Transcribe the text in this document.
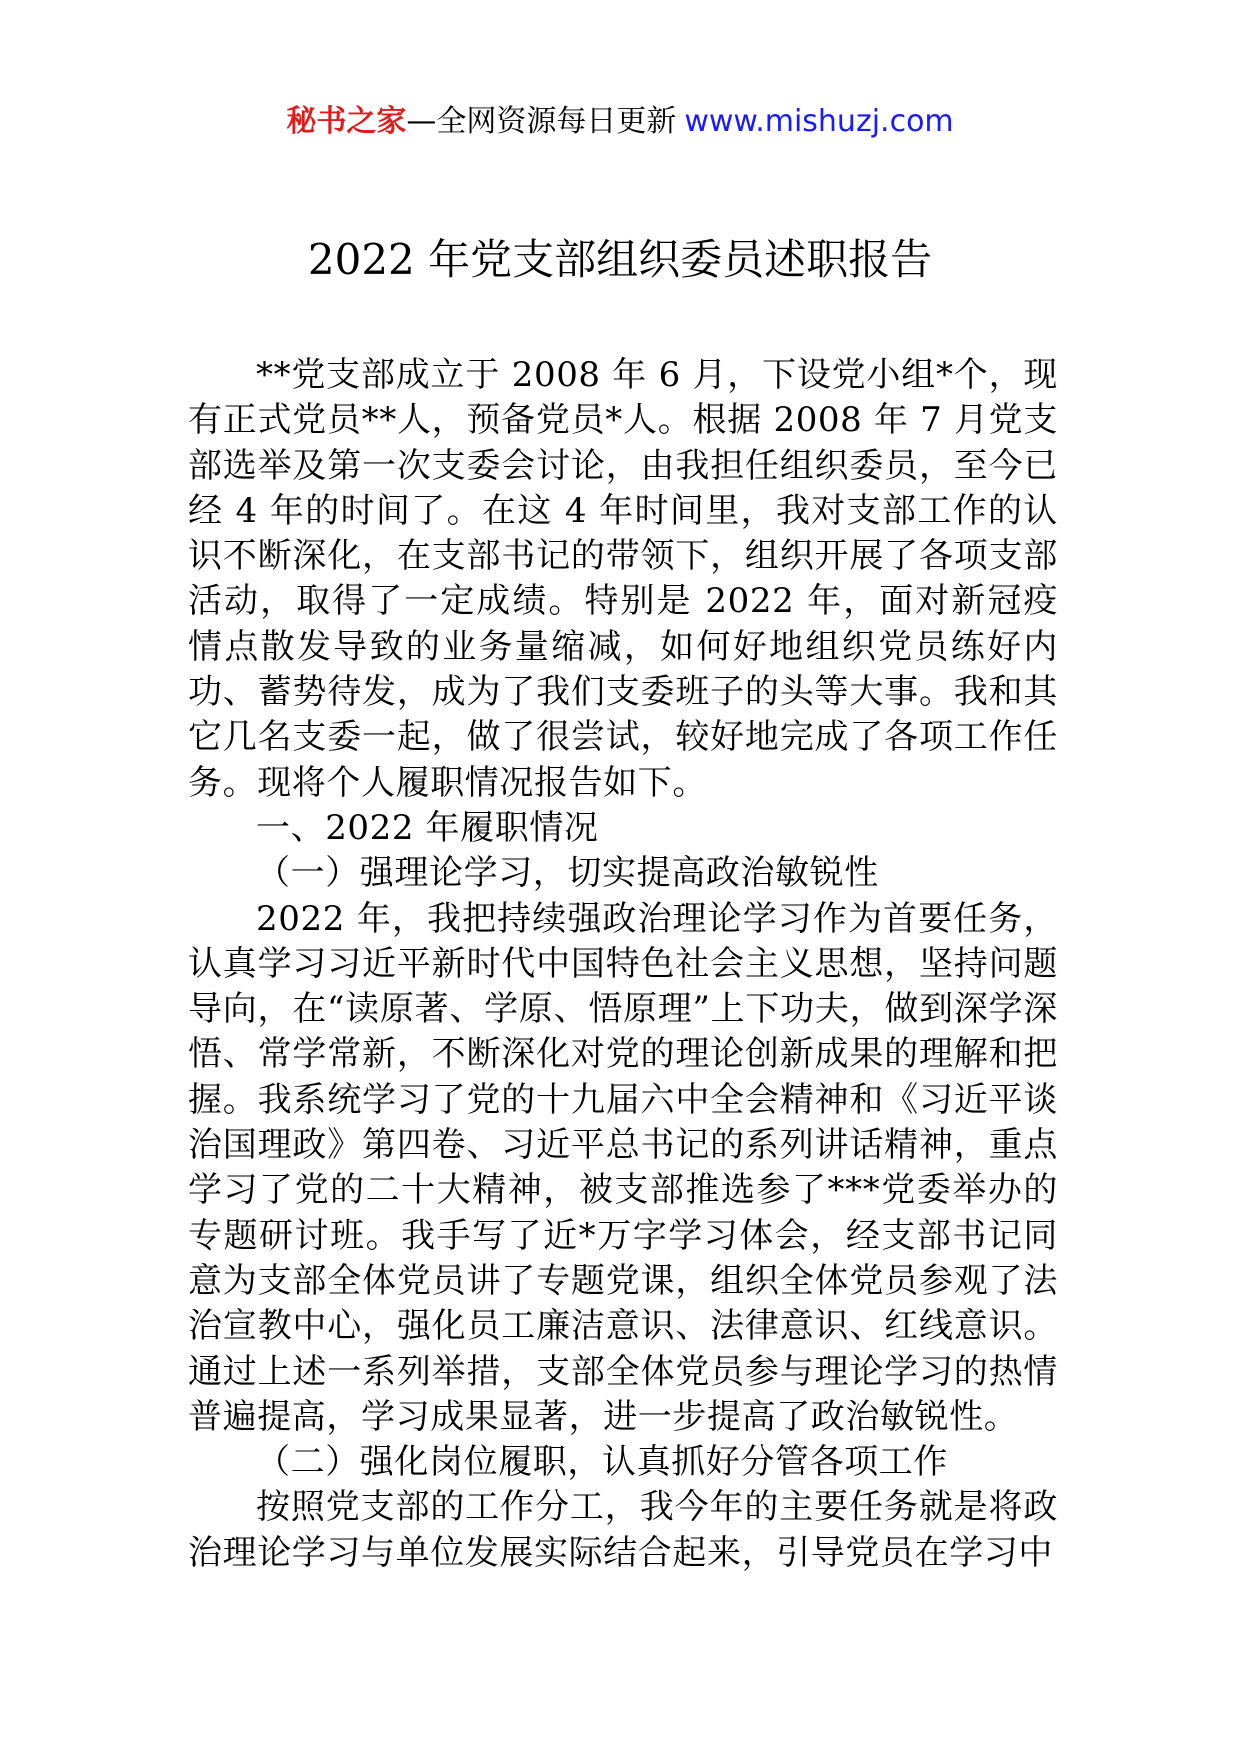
秘书之家—全网资源每日更新 www.mishuzj.com
2022 年党支部组织委员述职报告

**党支部成立于 2008 年 6 月，下设党小组*个，现有正式党员**人，预备党员*人。根据 2008 年 7 月党支部选举及第一次支委会讨论，由我担任组织委员，至今已经 4 年的时间了。在这 4 年时间里，我对支部工作的认识不断深化，在支部书记的带领下，组织开展了各项支部活动，取得了一定成绩。特别是 2022 年，面对新冠疫情点散发导致的业务量缩减，如何好地组织党员练好内功、蓄势待发，成为了我们支委班子的头等大事。我和其它几名支委一起，做了很尝试，较好地完成了各项工作任务。现将个人履职情况报告如下。

一、2022 年履职情况

（一）强理论学习，切实提高政治敏锐性

2022 年，我把持续强政治理论学习作为首要任务，认真学习习近平新时代中国特色社会主义思想，坚持问题导向，在“读原著、学原、悟原理”上下功夫，做到深学深悟、常学常新，不断深化对党的理论创新成果的理解和把握。我系统学习了党的十九届六中全会精神和《习近平谈治国理政》第四卷、习近平总书记的系列讲话精神，重点学习了党的二十大精神，被支部推选参了***党委举办的专题研讨班。我手写了近*万字学习体会，经支部书记同意为支部全体党员讲了专题党课，组织全体党员参观了法治宣教中心，强化员工廉洁意识、法律意识、红线意识。通过上述一系列举措，支部全体党员参与理论学习的热情普遍提高，学习成果显著，进一步提高了政治敏锐性。

（二）强化岗位履职，认真抓好分管各项工作

按照党支部的工作分工，我今年的主要任务就是将政治理论学习与单位发展实际结合起来，引导党员在学习中
